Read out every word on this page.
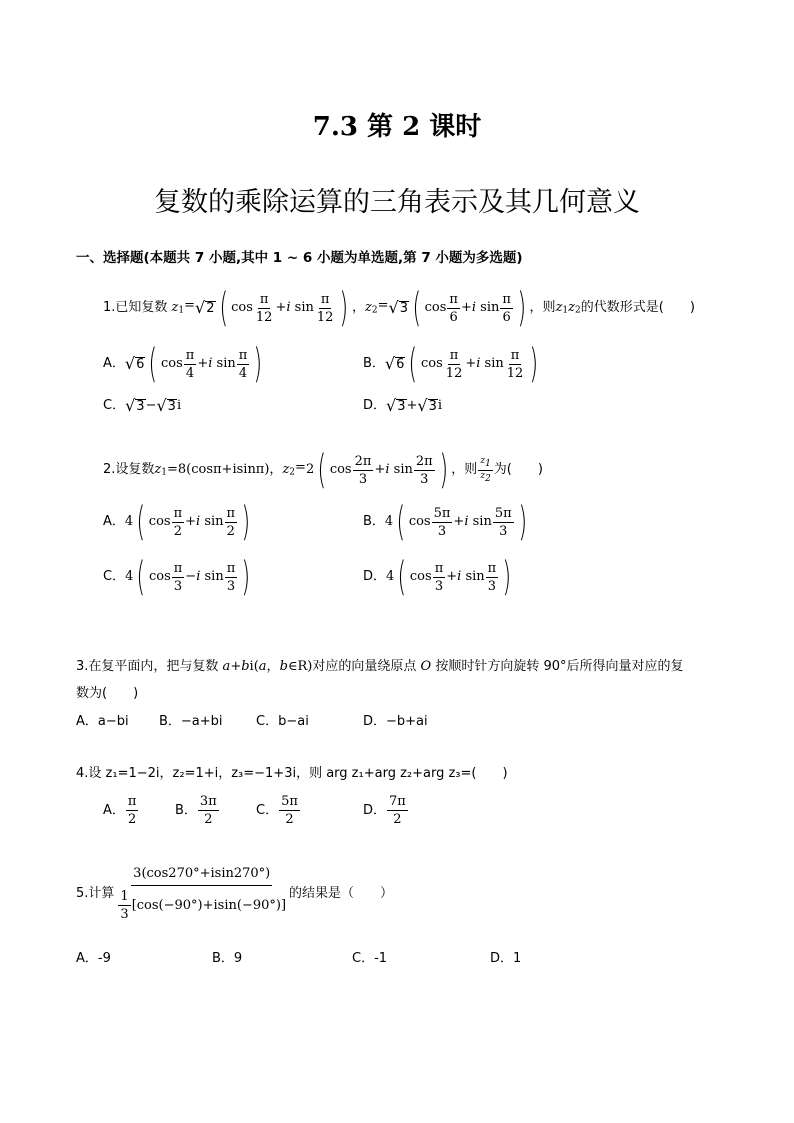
7.3 第 2 课时
复数的乘除运算的三角表示及其几何意义
一、选择题(本题共 7 小题,其中 1 ~ 6 小题为单选题,第 7 小题为多选题)
1.已知复数 z $_1$= √ 2 ( $\cos \frac{\pi}{12} +i$ $\sin \frac{\pi}{12}$ ) ， z $_2$= √ 3 ( $\cos \frac{\pi}{6} +i$ $\sin \frac{\pi}{6}$ ) ，则 z $_1$ z $_2$ 的代数形式是(　　)
A． √ 6 ( $\cos \frac{\pi}{4} +i$ $\sin \frac{\pi}{4}$ )	B． √ 6 ( $\cos \frac{\pi}{12} +i$ $\sin \frac{\pi}{12}$ )
C． √ 3 − √ 3 i	D． √ 3 + √ 3 i
2.设复数 z $_1$ =8(cosπ+isinπ)， z $_2$= 2 ( $\cos \frac{2\pi}{3} +i$ $\sin \frac{2\pi}{3}$ ) ，则 $\frac{z_1}{z_2}$ 为(　　)
A． 4 ( $\cos \frac{\pi}{2} +i$ $\sin \frac{\pi}{2}$ )	B． 4 ( $\cos \frac{5\pi}{3} +i$ $\sin \frac{5\pi}{3}$ )
C． 4 ( $\cos \frac{\pi}{3} -i$ $\sin \frac{\pi}{3}$ )	D． 4 ( $\cos \frac{\pi}{3} +i$ $\sin \frac{\pi}{3}$ )
3.在复平面内，把与复数 a+bi(a，b∈R)对应的向量绕原点 O 按顺时针方向旋转 90°后所得向量对应的复
数为(　　)
A．a−bi B．−a+bi	C．b−ai	D．−b+ai
4.设 z₁=1−2i，z₂=1+i，z₃=−1+3i，则 arg z₁+arg z₂+arg z₃=(　　)
A． $\frac{\pi}{2}$	B． $\frac{3\pi}{2}$	C． $\frac{5\pi}{2}$	D． $\frac{7\pi}{2}$
5.计算 $\frac{3(\cos 270^\circ+isin270^\circ)}{\frac{1}{3} [\cos(-90^\circ)+isin(-90^\circ)]}$ 的结果是（　　）
A．-9	B．9	C．-1	D．1
